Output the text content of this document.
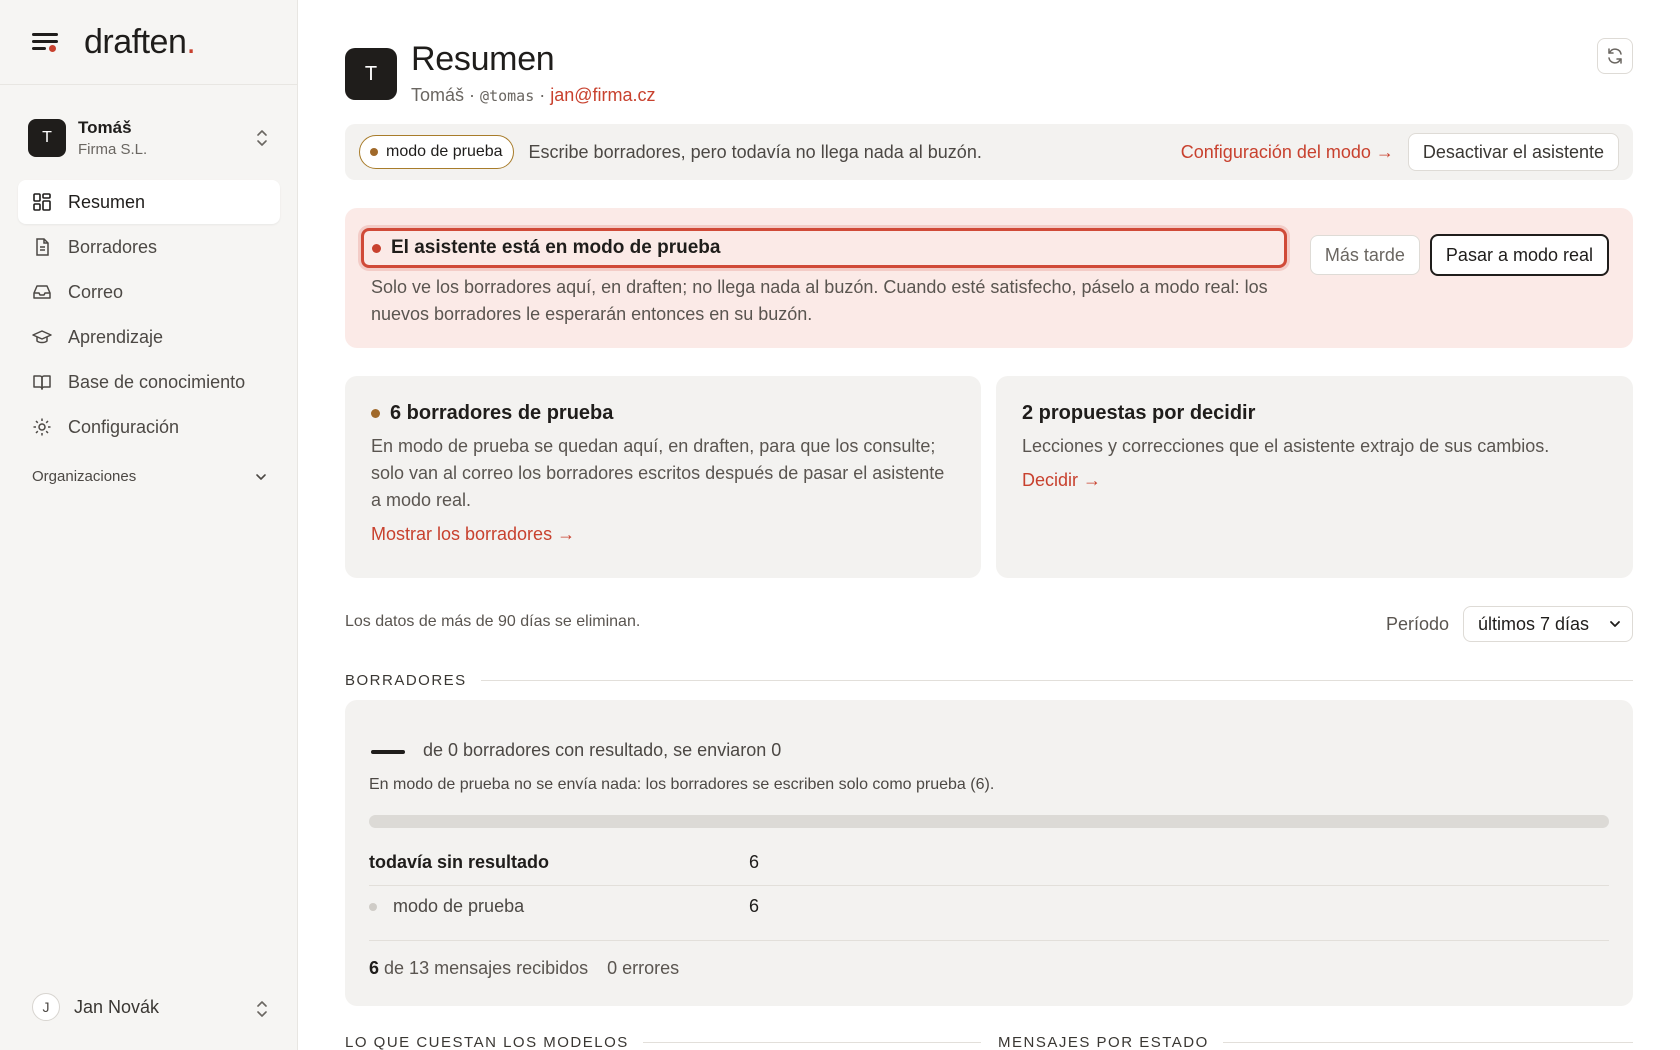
draften.
T
Tomáš
Firma S.L.
Resumen
Borradores
Correo
Aprendizaje
Base de conocimiento
Configuración
Organizaciones
J	Jan Novák
T Resumen
Tomáš · @tomas · jan@firma.cz
modo de prueba Escribe borradores, pero todavía no llega nada al buzón.	Configuración del modo →	Desactivar el asistente
El asistente está en modo de prueba

Solo ve los borradores aquí, en draften; no llega nada al buzón. Cuando esté satisfecho, páselo a modo real: los nuevos borradores le esperarán entonces en su buzón.

Más tarde	Pasar a modo real
6 borradores de prueba

En modo de prueba se quedan aquí, en draften, para que los consulte; solo van al correo los borradores escritos después de pasar el asistente a modo real.

Mostrar los borradores →
2 propuestas por decidir

Lecciones y correcciones que el asistente extrajo de sus cambios.

Decidir →
Los datos de más de 90 días se eliminan.	Período últimos 7 días
BORRADORES
de 0 borradores con resultado, se enviaron 0
En modo de prueba no se envía nada: los borradores se escriben solo como prueba (6).
todavía sin resultado	6
modo de prueba	6
6 de 13 mensajes recibidos 0 errores
LO QUE CUESTAN LOS MODELOS	MENSAJES POR ESTADO
